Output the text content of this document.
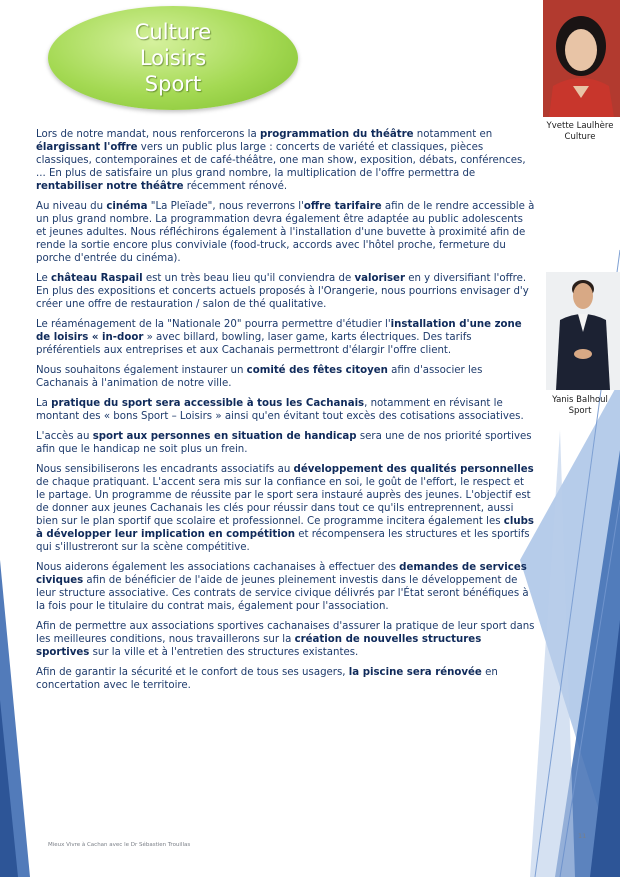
Culture
Loisirs
Sport
Yvette Laulhère
Culture
Yanis Balhoul
Sport

Lors de notre mandat, nous renforcerons la programmation du théâtre notamment en élargissant l'offre vers un public plus large : concerts de variété et classiques, pièces classiques, contemporaines et de café-théâtre, one man show, exposition, débats, conférences, ... En plus de satisfaire un plus grand nombre, la multiplication de l'offre permettra de rentabiliser notre théâtre récemment rénové.

Au niveau du cinéma "La Pleïade", nous reverrons l'offre tarifaire afin de le rendre accessible à un plus grand nombre. La programmation devra également être adaptée au public adolescents et jeunes adultes. Nous réfléchirons également à l'installation d'une buvette à proximité afin de rende la sortie encore plus conviviale (food-truck, accords avec l'hôtel proche, fermeture du porche d'entrée du cinéma).

Le château Raspail est un très beau lieu qu'il conviendra de valoriser en y diversifiant l'offre. En plus des expositions et concerts actuels proposés à l'Orangerie, nous pourrions envisager d'y créer une offre de restauration / salon de thé qualitative.

Le réaménagement de la "Nationale 20" pourra permettre d'étudier l'installation d'une zone de loisirs « in-door » avec billard, bowling, laser game, karts électriques. Des tarifs préférentiels aux entreprises et aux Cachanais permettront d'élargir l'offre client.

Nous souhaitons également instaurer un comité des fêtes citoyen afin d'associer les Cachanais à l'animation de notre ville.

La pratique du sport sera accessible à tous les Cachanais, notamment en révisant le montant des « bons Sport – Loisirs » ainsi qu'en évitant tout excès des cotisations associatives.

L'accès au sport aux personnes en situation de handicap sera une de nos priorité sportives afin que le handicap ne soit plus un frein.

Nous sensibiliserons les encadrants associatifs au développement des qualités personnelles de chaque pratiquant. L'accent sera mis sur la confiance en soi, le goût de l'effort, le respect et le partage. Un programme de réussite par le sport sera instauré auprès des jeunes. L'objectif est de donner aux jeunes Cachanais les clés pour réussir dans tout ce qu'ils entreprennent, aussi bien sur le plan sportif que scolaire et professionnel. Ce programme incitera également les clubs à développer leur implication en compétition et récompensera les structures et les sportifs qui s'illustreront sur la scène compétitive.

Nous aiderons également les associations cachanaises à effectuer des demandes de services civiques afin de bénéficier de l'aide de jeunes pleinement investis dans le développement de leur structure associative. Ces contrats de service civique délivrés par l'État seront bénéfiques à la fois pour le titulaire du contrat mais, également pour l'association.

Afin de permettre aux associations sportives cachanaises d'assurer la pratique de leur sport dans les meilleures conditions, nous travaillerons sur la création de nouvelles structures sportives sur la ville et à l'entretien des structures existantes.

Afin de garantir la sécurité et le confort de tous ses usagers, la piscine sera rénovée en concertation avec le territoire.

Mieux Vivre à Cachan avec le Dr Sébastien Trouillas
11
